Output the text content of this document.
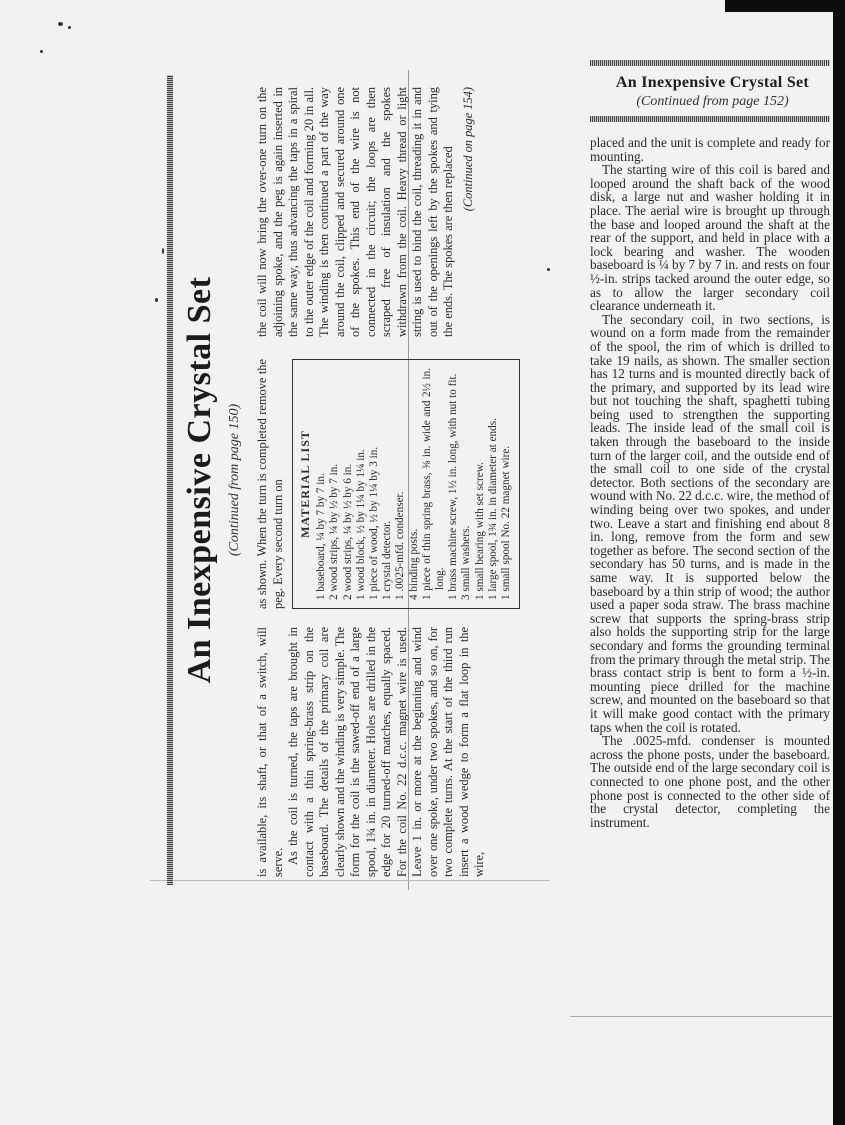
An Inexpensive Crystal Set (Continued from page 150)

is available, its shaft, or that of a switch, will serve. As the coil is turned, the taps are brought in contact with a thin spring-brass strip on the baseboard. The details of the primary coil are clearly shown and the winding is very simple. The form for the coil is the sawed-off end of a large spool, 1¾ in. in diameter. Holes are drilled in the edge for 20 turned-off matches, equally spaced. For the coil No. 22 d.c.c. magnet wire is used. Leave 1 in. or more at the beginning and wind over one spoke, under two spokes, and so on, for two complete turns. At the start of the third run insert a wood wedge to form a flat loop in the wire,

as shown. When the turn is completed remove the peg. Every second turn on MATERIAL LIST 1 baseboard, ¼ by 7 by 7 in. 2 wood strips, ¼ by ½ by 7 in. 2 wood strips, ¼ by ½ by 6 in. 1 wood block, ½ by 1¼ by 1¼ in. 1 piece of wood, ½ by 1¼ by 3 in. 1 crystal detector. 1 .0025-mfd. condenser. 4 binding posts. 1 piece of thin spring brass, ⅜ in. wide and 2½ in. long. 1 brass machine screw, 1½ in. long, with nut to fit. 3 small washers. 1 small bearing with set screw. 1 large spool, 1¾ in. in diameter at ends. 1 small spool No. 22 magnet wire.

the coil will now bring the over-one turn on the adjoining spoke, and the peg is again inserted in the same way, thus advancing the taps in a spiral to the outer edge of the coil and forming 20 in all. The winding is then continued a part of the way around the coil, clipped and secured around one of the spokes. This end of the wire is not connected in the circuit; the loops are then scraped free of insulation and the spokes withdrawn from the coil. Heavy thread or light string is used to bind the coil, threading it in and out of the openings left by the spokes and tying the ends. The spokes are then replaced (Continued on page 154)
An Inexpensive Crystal Set
(Continued from page 152)

placed and the unit is complete and ready for mounting.

The starting wire of this coil is bared and looped around the shaft back of the wood disk, a large nut and washer holding it in place. The aerial wire is brought up through the base and looped around the shaft at the rear of the support, and held in place with a lock bearing and washer. The wooden baseboard is ¼ by 7 by 7 in. and rests on four ½-in. strips tacked around the outer edge, so as to allow the larger secondary coil clearance underneath it.

The secondary coil, in two sections, is wound on a form made from the remainder of the spool, the rim of which is drilled to take 19 nails, as shown. The smaller section has 12 turns and is mounted directly back of the primary, and supported by its lead wire but not touching the shaft, spaghetti tubing being used to strengthen the supporting leads. The inside lead of the small coil is taken through the baseboard to the inside turn of the larger coil, and the outside end of the small coil to one side of the crystal detector. Both sections of the secondary are wound with No. 22 d.c.c. wire, the method of winding being over two spokes, and under two. Leave a start and finishing end about 8 in. long, remove from the form and sew together as before. The second section of the secondary has 50 turns, and is made in the same way. It is supported below the baseboard by a thin strip of wood; the author used a paper soda straw. The brass machine screw that supports the spring-brass strip also holds the supporting strip for the large secondary and forms the grounding terminal from the primary through the metal strip. The brass contact strip is bent to form a ½-in. mounting piece drilled for the machine screw, and mounted on the baseboard so that it will make good contact with the primary taps when the coil is rotated.

The .0025-mfd. condenser is mounted across the phone posts, under the baseboard. The outside end of the large secondary coil is connected to one phone post, and the other phone post is connected to the other side of the crystal detector, completing the instrument.
